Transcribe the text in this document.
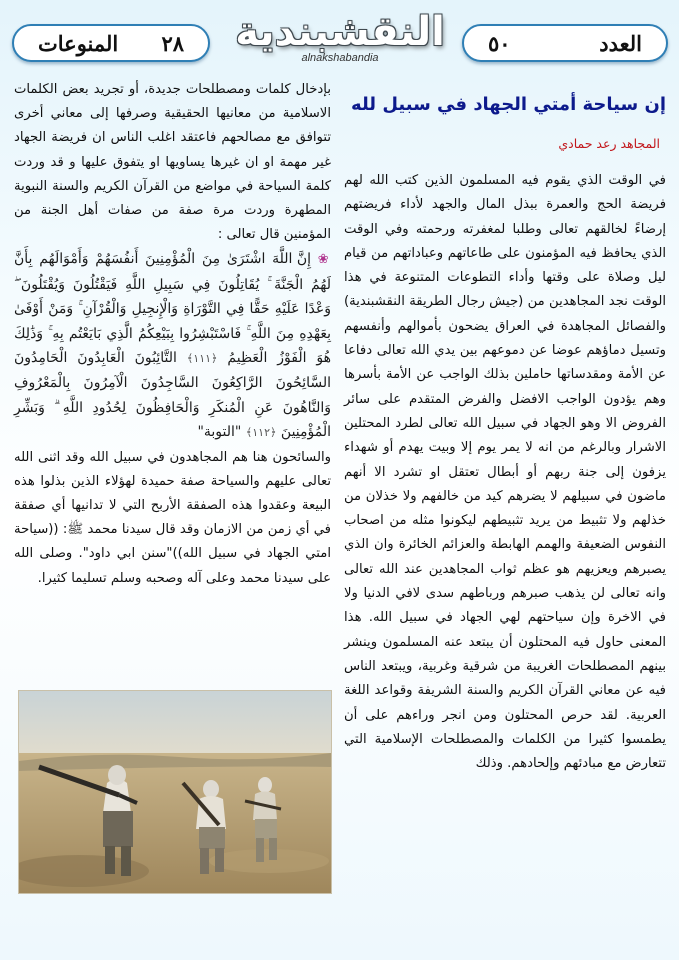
العدد
٥٠
النقشبندية
alnakshabandia
٢٨
المنوعات
إن سياحة أمتي الجهاد في سبيل لله
المجاهد رعد حمادي
في الوقت الذي يقوم فيه المسلمون الذين كتب الله لهم فريضة الحج والعمرة ببذل المال والجهد لأداء فريضتهم إرضاءً لخالقهم تعالى وطلبا لمغفرته ورحمته وفي الوقت الذي يحافظ فيه المؤمنون على طاعاتهم وعباداتهم من قيام ليل وصلاة على وقتها وأداء التطوعات المتنوعة في هذا الوقت نجد المجاهدين من (جيش رجال الطريقة النقشبندية) والفصائل المجاهدة في العراق يضحون بأموالهم وأنفسهم وتسيل دماؤهم عوضا عن دموعهم بين يدي الله تعالى دفاعا عن الأمة ومقدساتها حاملين بذلك الواجب عن الأمة بأسرها وهم يؤدون الواجب الافضل والفرض المتقدم على سائر الفروض الا وهو الجهاد في سبيل الله تعالى لطرد المحتلين الاشرار وبالرغم من انه لا يمر يوم إلا وبيت يهدم أو شهداء يزفون إلى جنة ربهم أو أبطال تعتقل او تشرد الا أنهم ماضون في سبيلهم لا يضرهم كيد من خالفهم ولا خذلان من خذلهم ولا تثبيط من يريد تثبيطهم ليكونوا مثله من اصحاب النفوس الضعيفة والهمم الهابطة والعزائم الخائرة وان الذي يصبرهم ويعزيهم هو عظم ثواب المجاهدين عند الله تعالى وانه تعالى لن يذهب صبرهم ورباطهم سدى لافي الدنيا ولا في الاخرة وإن سياحتهم لهي الجهاد في سبيل الله. هذا المعنى حاول فيه المحتلون أن يبتعد عنه المسلمون وينشر بينهم المصطلحات الغريبة من شرقية وغربية، ويبتعد الناس فيه عن معاني القرآن الكريم والسنة الشريفة وقواعد اللغة العربية. لقد حرص المحتلون ومن انجر وراءهم على أن يطمسوا كثيرا من الكلمات والمصطلحات الإسلامية التي تتعارض مع مبادئهم وإلحادهم. وذلك
بإدخال كلمات ومصطلحات جديدة، أو تجريد بعض الكلمات الاسلامية من معانيها الحقيقية وصرفها إلى معاني أخرى تتوافق مع مصالحهم فاعتقد اغلب الناس ان فريضة الجهاد غير مهمة او ان غيرها يساويها او يتفوق عليها و قد وردت كلمة السياحة في مواضع من القرآن الكريم والسنة النبوية المطهرة وردت مرة صفة من صفات أهل الجنة من المؤمنين قال تعالى :
❀ إِنَّ اللَّهَ اشْتَرَىٰ مِنَ الْمُؤْمِنِينَ أَنفُسَهُمْ وَأَمْوَالَهُم بِأَنَّ لَهُمُ الْجَنَّةَ ۚ يُقَاتِلُونَ فِي سَبِيلِ اللَّهِ فَيَقْتُلُونَ وَيُقْتَلُونَ ۖ وَعْدًا عَلَيْهِ حَقًّا فِي التَّوْرَاةِ وَالْإِنجِيلِ وَالْقُرْآنِ ۚ وَمَنْ أَوْفَىٰ بِعَهْدِهِ مِنَ اللَّهِ ۚ فَاسْتَبْشِرُوا بِبَيْعِكُمُ الَّذِي بَايَعْتُم بِهِ ۚ وَذَٰلِكَ هُوَ الْفَوْزُ الْعَظِيمُ ﴿١١١﴾ التَّائِبُونَ الْعَابِدُونَ الْحَامِدُونَ السَّائِحُونَ الرَّاكِعُونَ السَّاجِدُونَ الْآمِرُونَ بِالْمَعْرُوفِ وَالنَّاهُونَ عَنِ الْمُنكَرِ وَالْحَافِظُونَ لِحُدُودِ اللَّهِ ۗ وَبَشِّرِ الْمُؤْمِنِينَ ﴿١١٢﴾ "التوبة"
والسائحون هنا هم المجاهدون في سبيل الله وقد اثنى الله تعالى عليهم والسياحة صفة حميدة لهؤلاء الذين بذلوا هذه البيعة وعقدوا هذه الصفقة الأربح التي لا تدانيها أي صفقة في أي زمن من الازمان وقد قال سيدنا محمد ﷺ: ((سياحة امتي الجهاد في سبيل الله))"سنن ابي داود". وصلى الله على سيدنا محمد وعلى آله وصحبه وسلم تسليما كثيرا.
